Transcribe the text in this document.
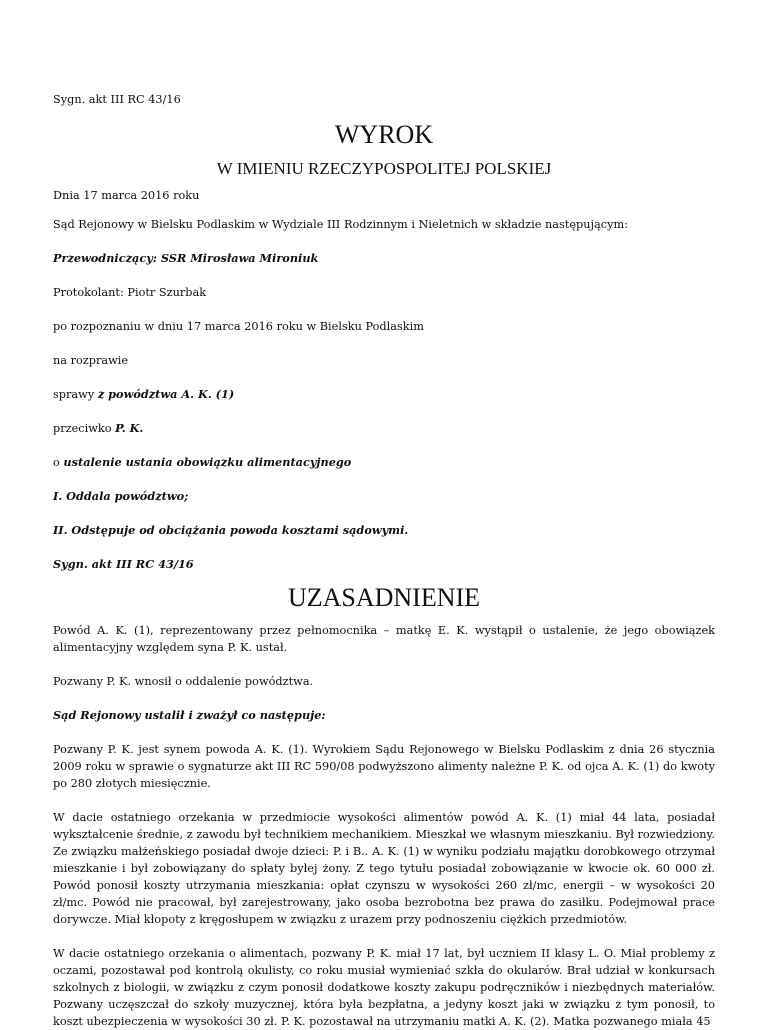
Sygn. akt III RC 43/16
WYROK
W IMIENIU RZECZYPOSPOLITEJ POLSKIEJ
Dnia 17 marca 2016 roku
Sąd Rejonowy w Bielsku Podlaskim w Wydziale III Rodzinnym i Nieletnich w składzie następującym:
Przewodniczący: SSR Mirosława Mironiuk
Protokolant: Piotr Szurbak
po rozpoznaniu w dniu 17 marca 2016 roku w Bielsku Podlaskim
na rozprawie
sprawy z powództwa A. K. (1)
przeciwko P. K.
o ustalenie ustania obowiązku alimentacyjnego
I. Oddala powództwo;
II. Odstępuje od obciążania powoda kosztami sądowymi.
Sygn. akt III RC 43/16
UZASADNIENIE
Powód A. K. (1), reprezentowany przez pełnomocnika – matkę E. K. wystąpił o ustalenie, że jego obowiązek alimentacyjny względem syna P. K. ustał.
Pozwany P. K. wnosił o oddalenie powództwa.
Sąd Rejonowy ustalił i zważył co następuje:
Pozwany P. K. jest synem powoda A. K. (1). Wyrokiem Sądu Rejonowego w Bielsku Podlaskim z dnia 26 stycznia 2009 roku w sprawie o sygnaturze akt III RC 590/08 podwyższono alimenty należne P. K. od ojca A. K. (1) do kwoty po 280 złotych miesięcznie.
W dacie ostatniego orzekania w przedmiocie wysokości alimentów powód A. K. (1) miał 44 lata, posiadał wykształcenie średnie, z zawodu był technikiem mechanikiem. Mieszkał we własnym mieszkaniu. Był rozwiedziony. Ze związku małżeńskiego posiadał dwoje dzieci: P. i B.. A. K. (1) w wyniku podziału majątku dorobkowego otrzymał mieszkanie i był zobowiązany do spłaty byłej żony. Z tego tytułu posiadał zobowiązanie w kwocie ok. 60 000 zł. Powód ponosił koszty utrzymania mieszkania: opłat czynszu w wysokości 260 zł/mc, energii – w wysokości 20 zł/mc. Powód nie pracował, był zarejestrowany, jako osoba bezrobotna bez prawa do zasiłku. Podejmował prace dorywcze. Miał kłopoty z kręgosłupem w związku z urazem przy podnoszeniu ciężkich przedmiotów.
W dacie ostatniego orzekania o alimentach, pozwany P. K. miał 17 lat, był uczniem II klasy L. O. Miał problemy z oczami, pozostawał pod kontrolą okulisty, co roku musiał wymieniać szkła do okularów. Brał udział w konkursach szkolnych z biologii, w związku z czym ponosił dodatkowe koszty zakupu podręczników i niezbędnych materiałów. Pozwany uczęszczał do szkoły muzycznej, która była bezpłatna, a jedyny koszt jaki w związku z tym ponosił, to koszt ubezpieczenia w wysokości 30 zł. P. K. pozostawał na utrzymaniu matki A. K. (2). Matka pozwanego miała 45
